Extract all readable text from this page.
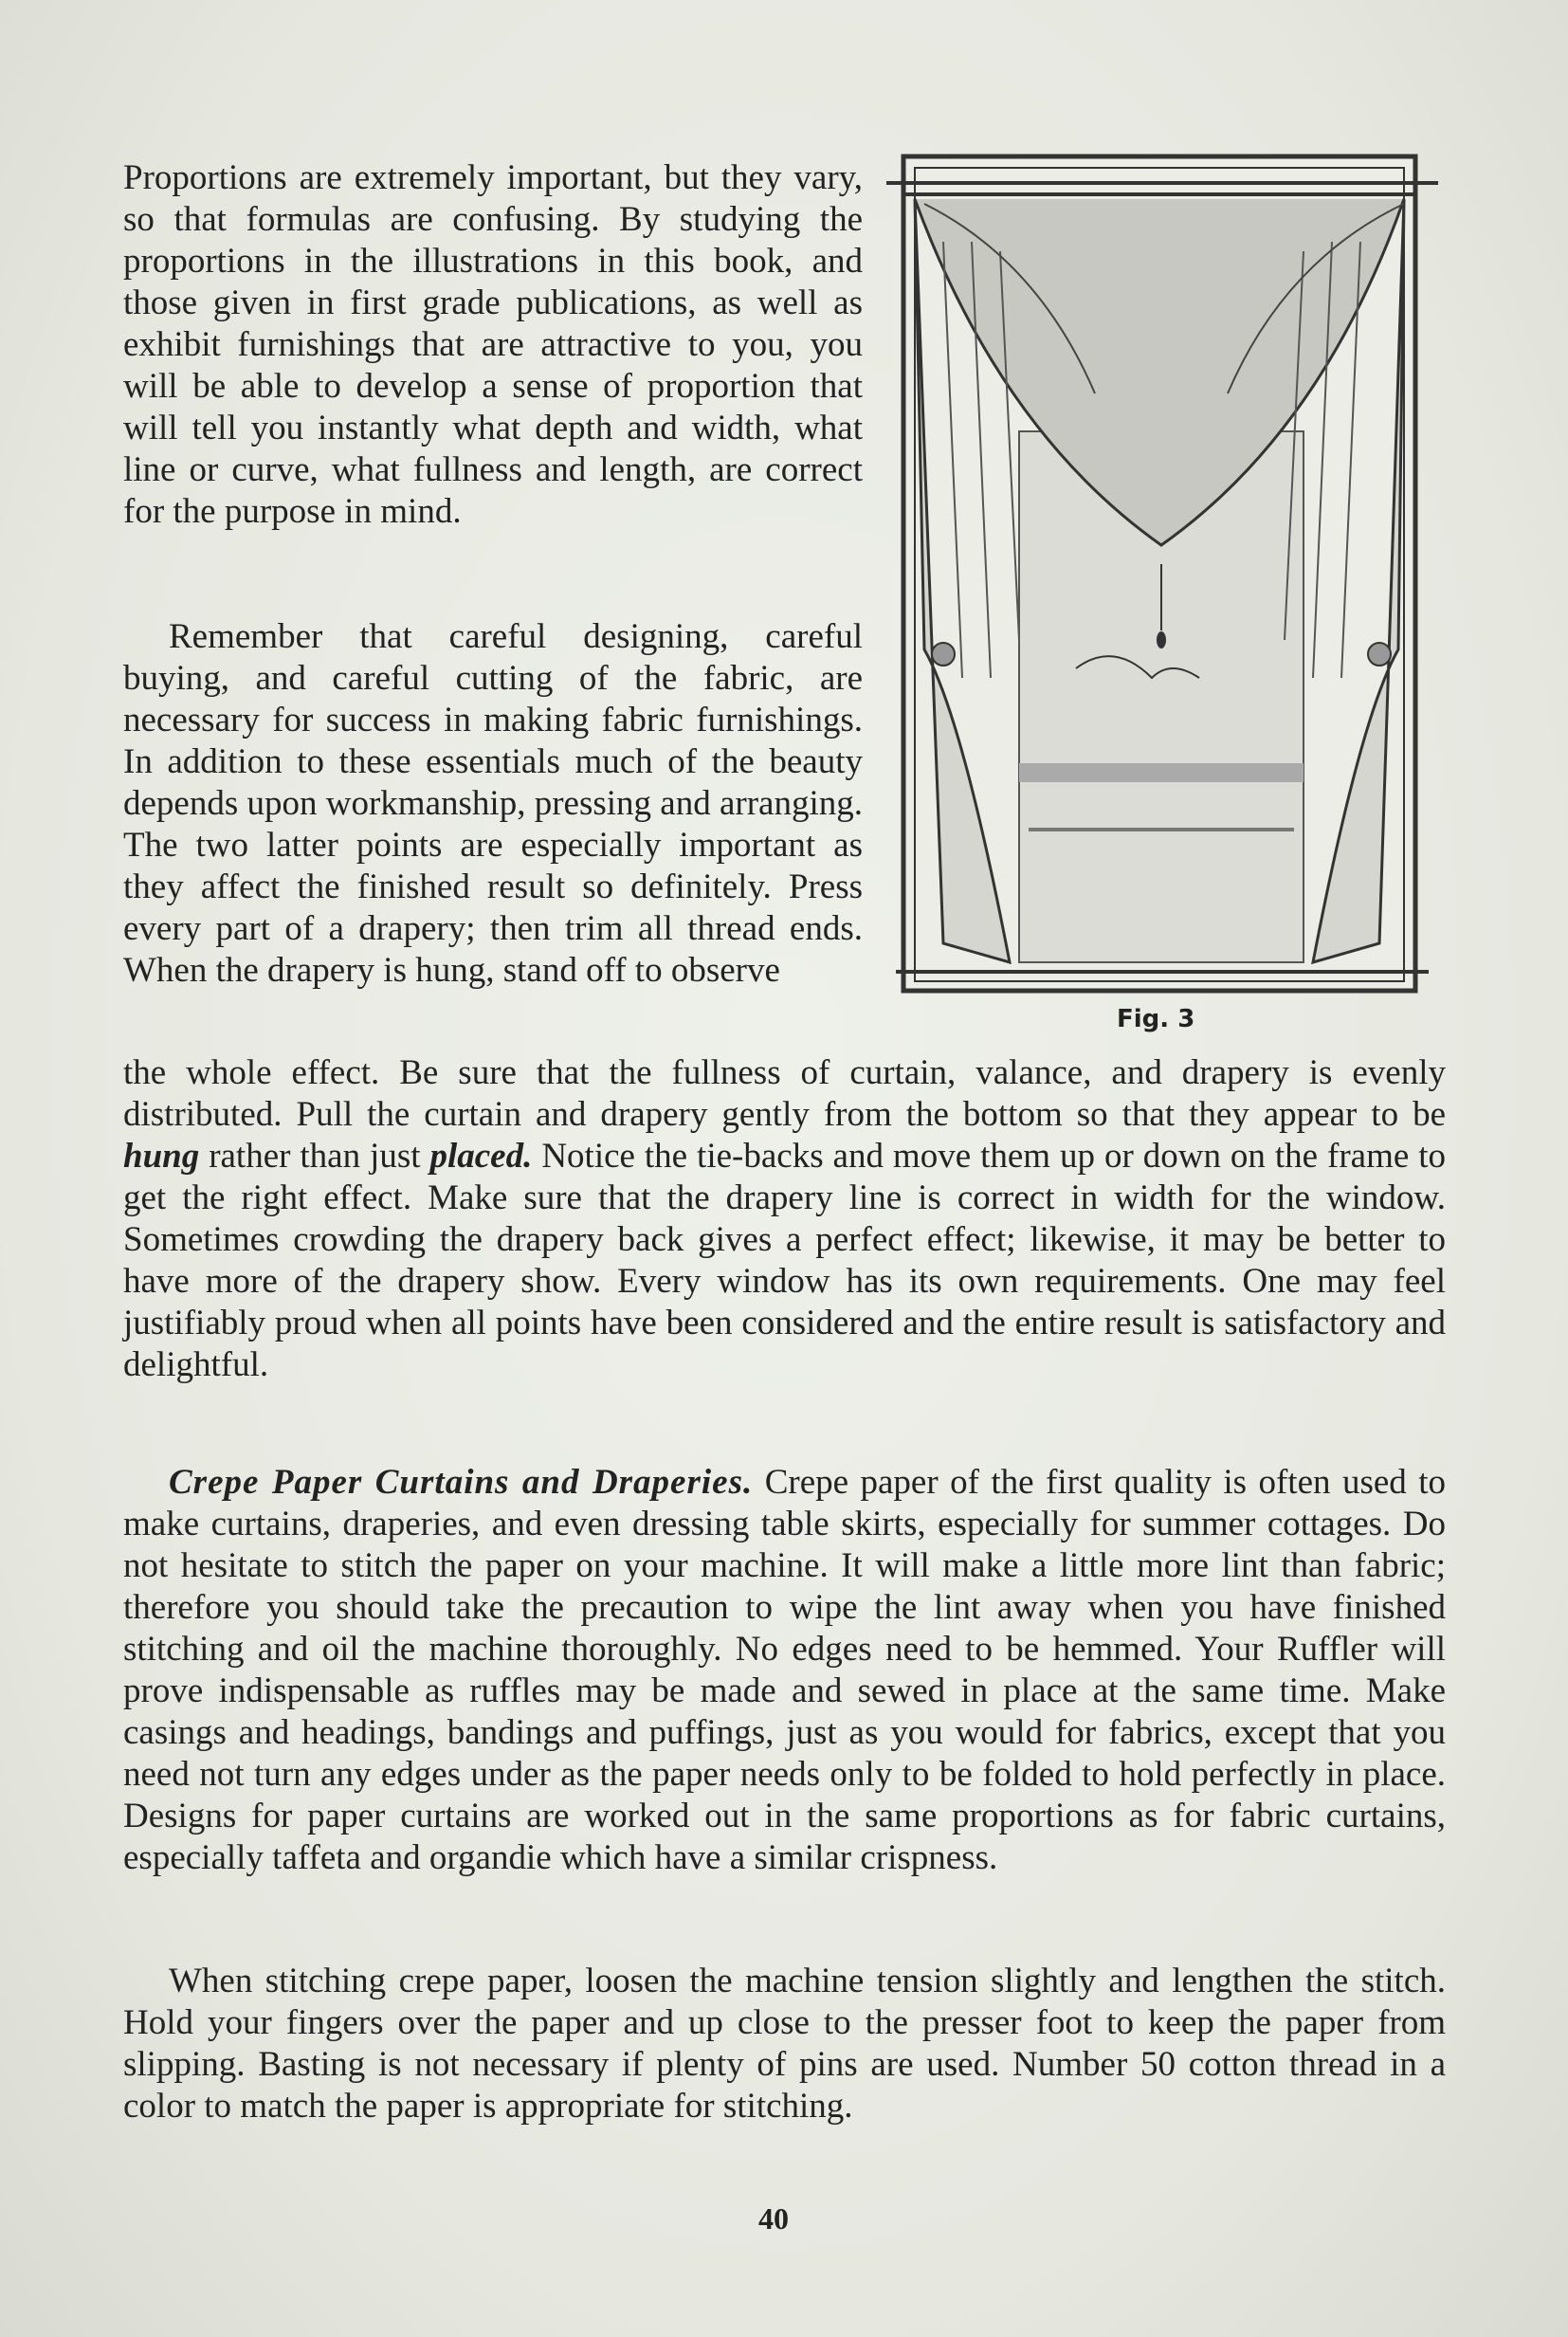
Proportions are extremely important, but they vary, so that formulas are confusing. By studying the proportions in the illustrations in this book, and those given in first grade publications, as well as exhibit furnishings that are attractive to you, you will be able to develop a sense of proportion that will tell you instantly what depth and width, what line or curve, what fullness and length, are correct for the purpose in mind.

Remember that careful designing, careful buying, and careful cutting of the fabric, are necessary for success in making fabric furnishings. In addition to these essentials much of the beauty depends upon workmanship, pressing and arranging. The two latter points are especially important as they affect the finished result so definitely. Press every part of a drapery; then trim all thread ends. When the drapery is hung, stand off to observe

the whole effect. Be sure that the fullness of curtain, valance, and drapery is evenly distributed. Pull the curtain and drapery gently from the bottom so that they appear to be hung rather than just placed. Notice the tie-backs and move them up or down on the frame to get the right effect. Make sure that the drapery line is correct in width for the window. Sometimes crowding the drapery back gives a perfect effect; likewise, it may be better to have more of the drapery show. Every window has its own requirements. One may feel justifiably proud when all points have been considered and the entire result is satisfactory and delightful.

Crepe Paper Curtains and Draperies. Crepe paper of the first quality is often used to make curtains, draperies, and even dressing table skirts, especially for summer cottages. Do not hesitate to stitch the paper on your machine. It will make a little more lint than fabric; therefore you should take the precaution to wipe the lint away when you have finished stitching and oil the machine thoroughly. No edges need to be hemmed. Your Ruffler will prove indispensable as ruffles may be made and sewed in place at the same time. Make casings and headings, bandings and puffings, just as you would for fabrics, except that you need not turn any edges under as the paper needs only to be folded to hold perfectly in place. Designs for paper curtains are worked out in the same proportions as for fabric curtains, especially taffeta and organdie which have a similar crispness.

When stitching crepe paper, loosen the machine tension slightly and lengthen the stitch. Hold your fingers over the paper and up close to the presser foot to keep the paper from slipping. Basting is not necessary if plenty of pins are used. Number 50 cotton thread in a color to match the paper is appropriate for stitching.

Fig. 3
40
